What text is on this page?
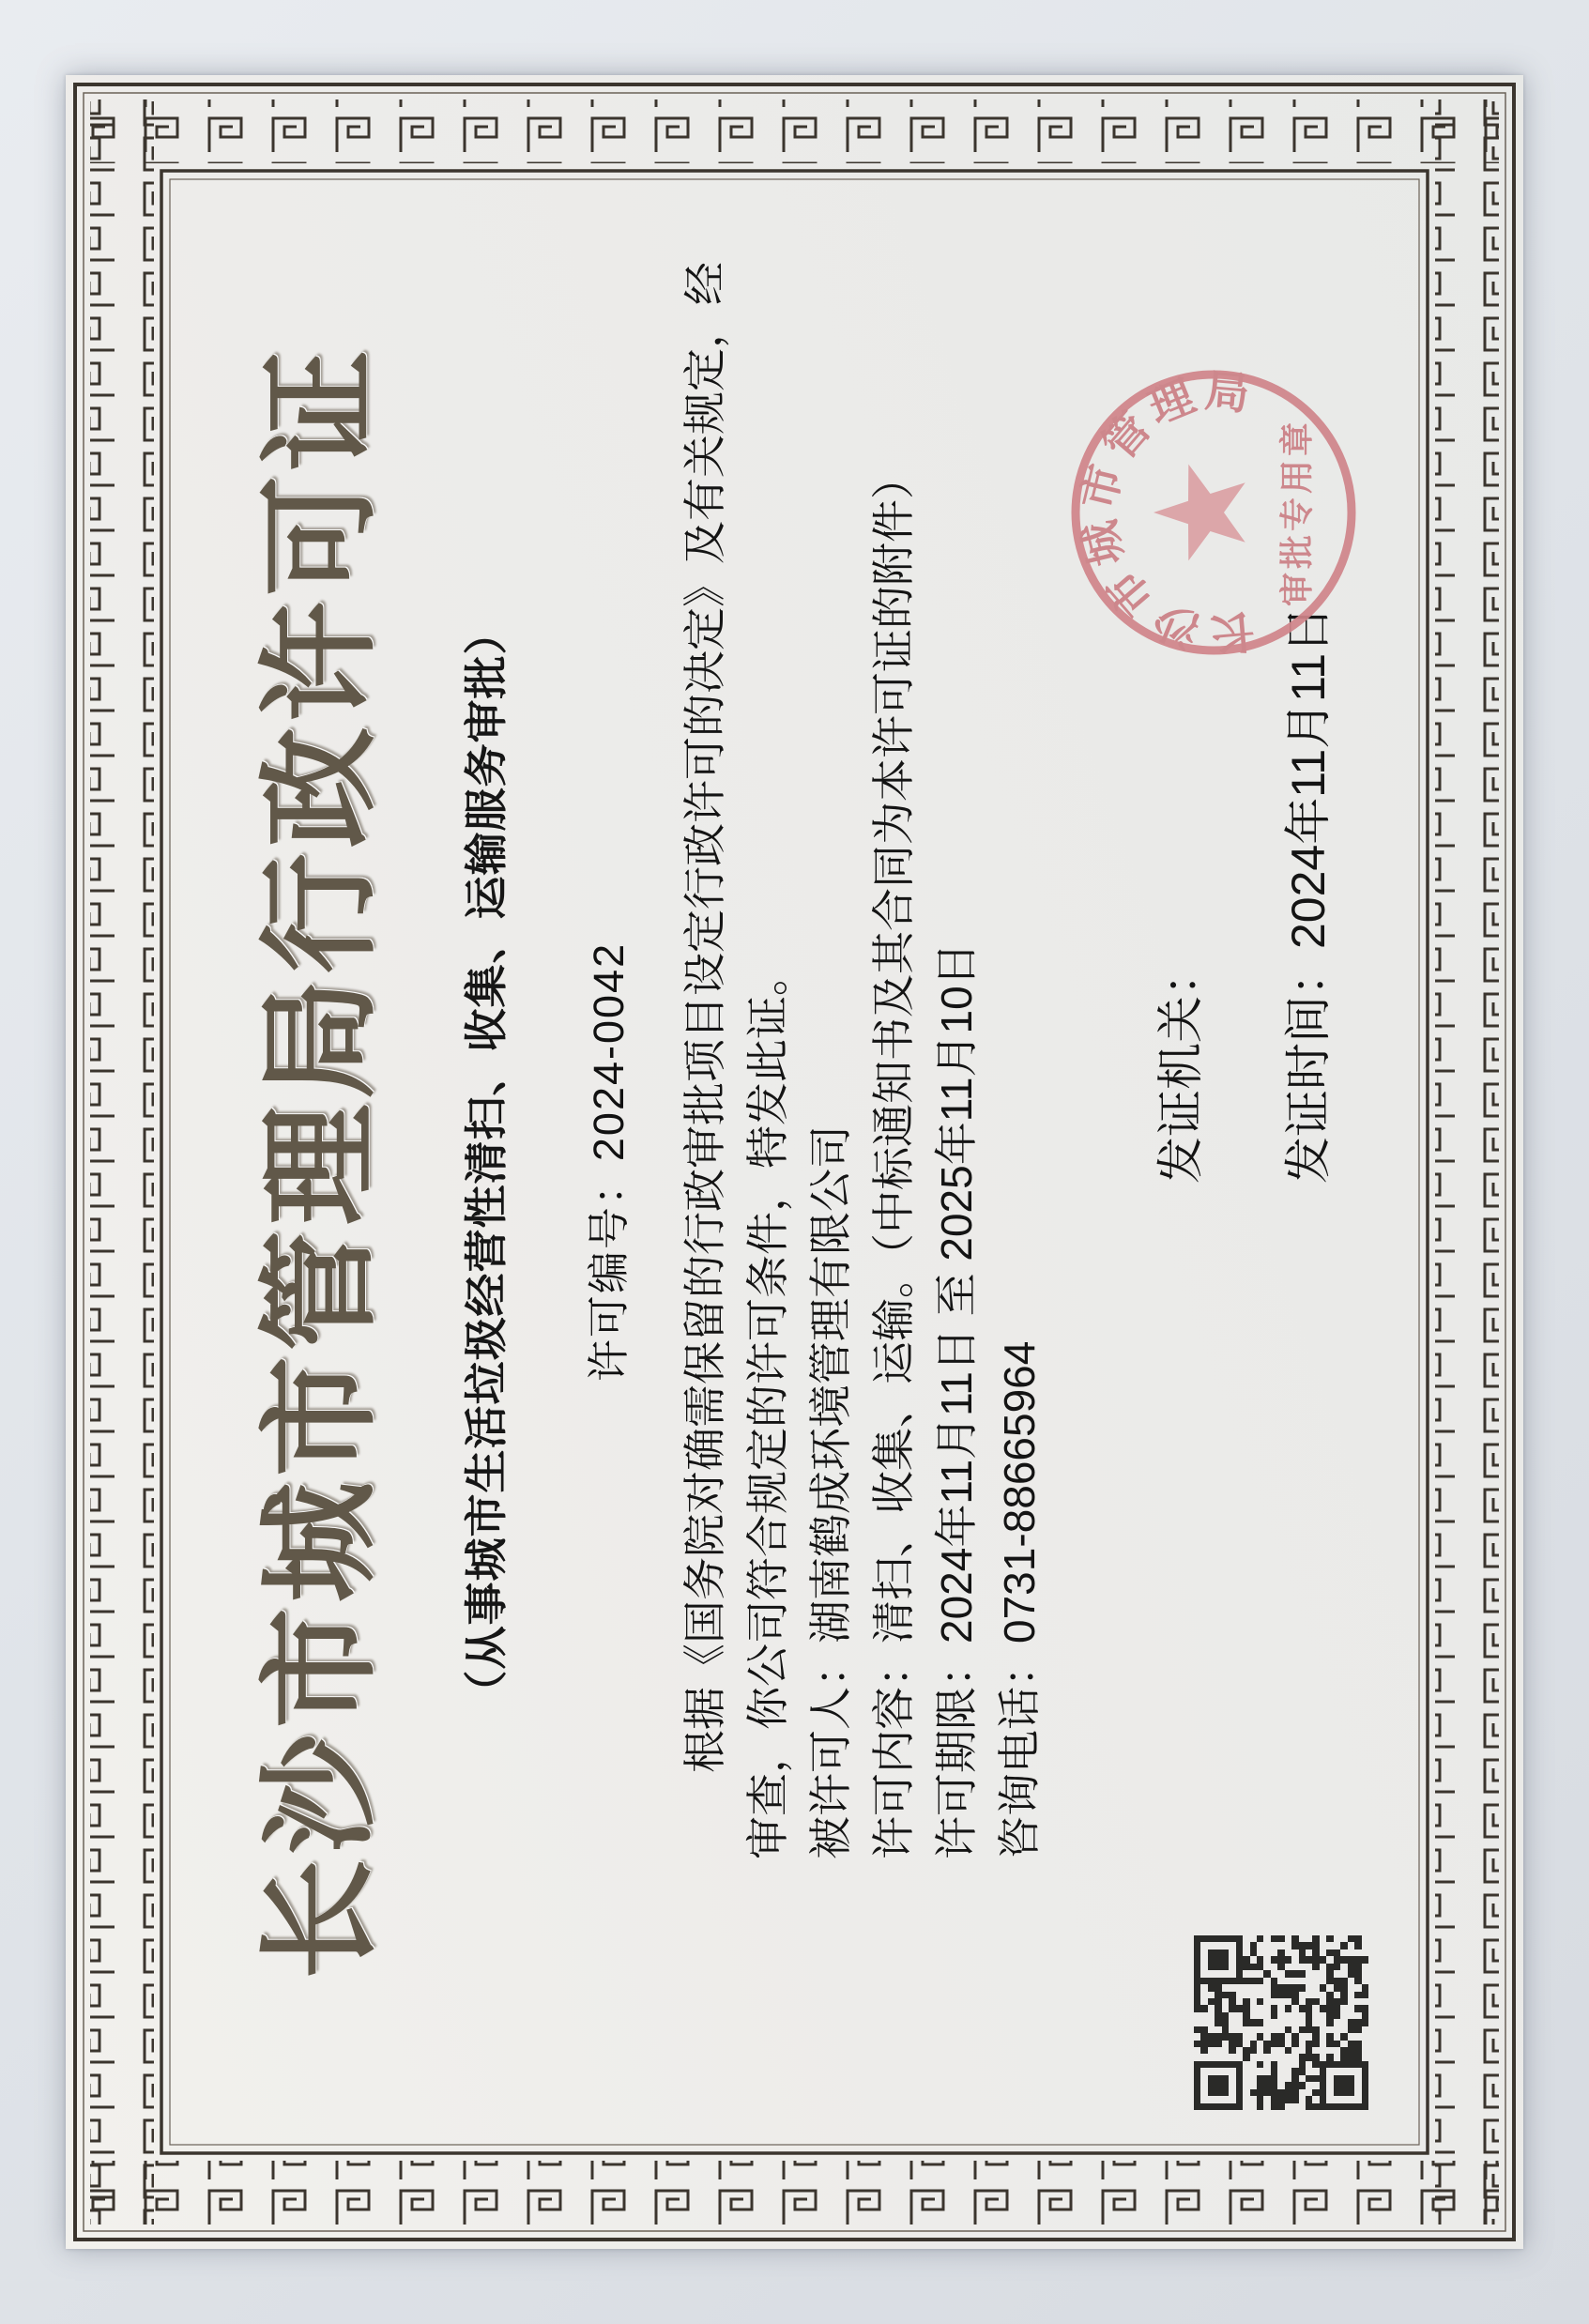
长沙市城市管理局行政许可证 （从事城市生活垃圾经营性清扫、收集、运输服务审批） 许可编号：2024-0042 根据《国务院对确需保留的行政审批项目设定行政许可的决定》及有关规定，经 审查，你公司符合规定的许可条件，特发此证。 被许可人：湖南鹤成环境管理有限公司
许可内容：清扫、收集、运输。（中标通知书及其合同为本许可证的附件）
许可期限：2024年11月11日 至 2025年11月10日
咨询电话：0731-88665964
发证机关： 发证时间：2024年11月11日
长沙市城市管理局
审批专用章
